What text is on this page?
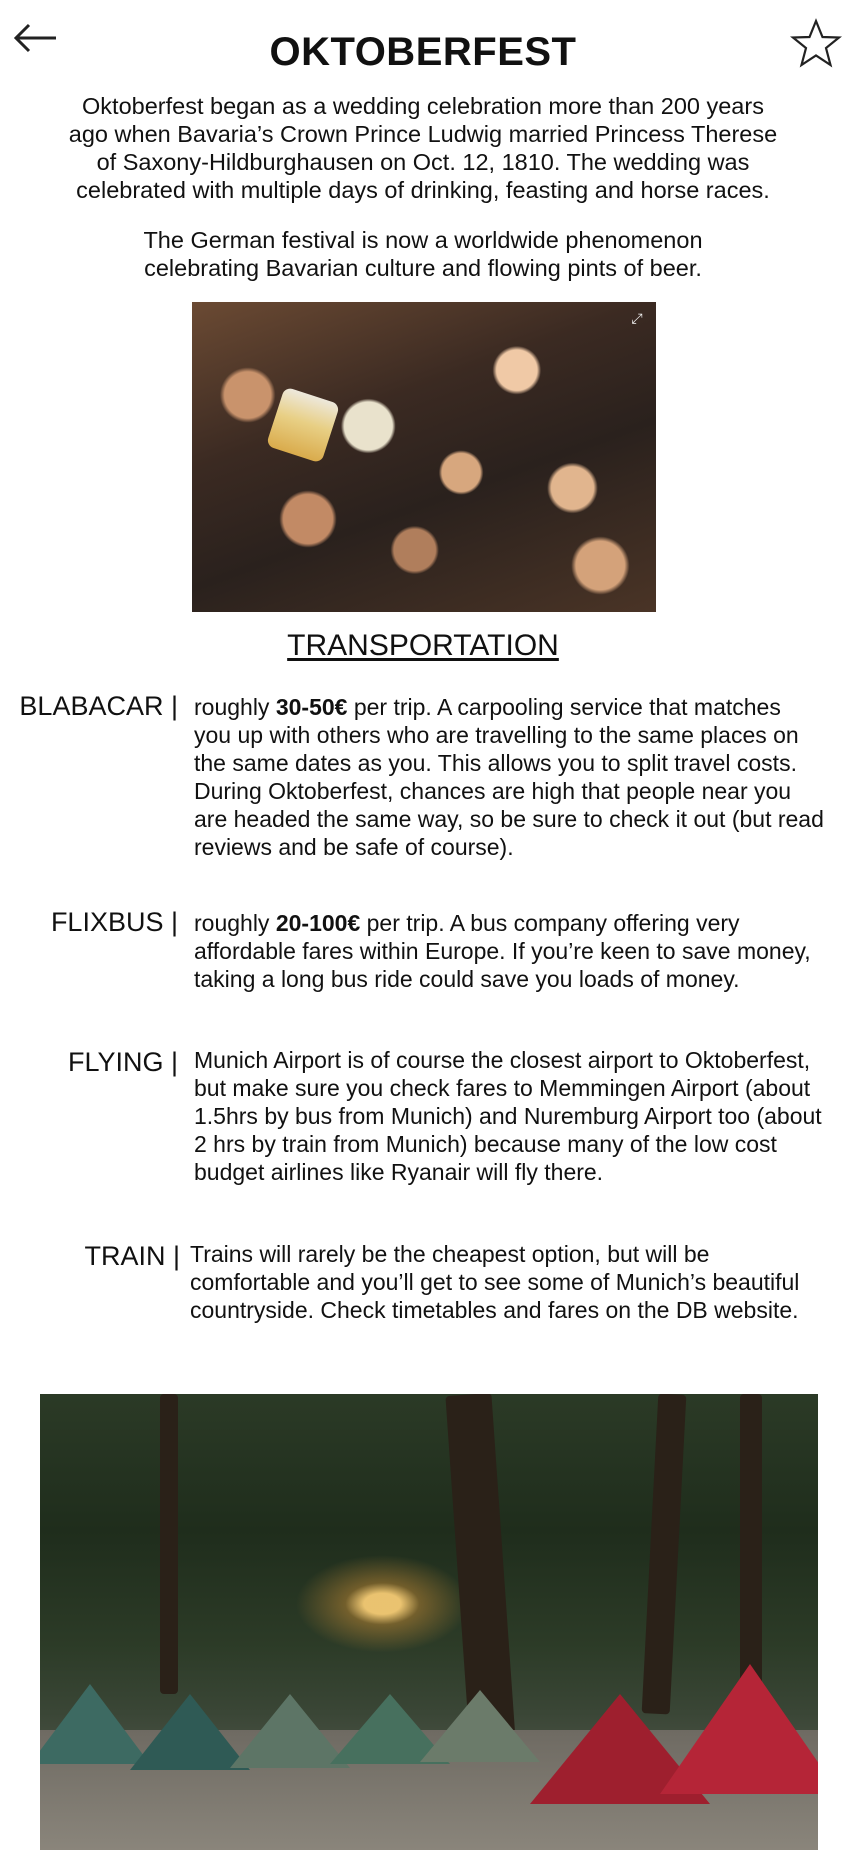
OKTOBERFEST

Oktoberfest began as a wedding celebration more than 200 years ago when Bavaria’s Crown Prince Ludwig married Princess Therese of Saxony-Hildburghausen on Oct. 12, 1810. The wedding was celebrated with multiple days of drinking, feasting and horse races.

The German festival is now a worldwide phenomenon celebrating Bavarian culture and flowing pints of beer.

⤢
TRANSPORTATION
BLABACAR | roughly 30-50€ per trip. A carpooling service that matches you up with others who are travelling to the same places on the same dates as you. This allows you to split travel costs. During Oktoberfest, chances are high that people near you are headed the same way, so be sure to check it out (but read reviews and be safe of course).
FLIXBUS | roughly 20-100€ per trip. A bus company offering very affordable fares within Europe. If you’re keen to save money, taking a long bus ride could save you loads of money.
FLYING | Munich Airport is of course the closest airport to Oktoberfest, but make sure you check fares to Memmingen Airport (about 1.5hrs by bus from Munich) and Nuremburg Airport too (about 2 hrs by train from Munich) because many of the low cost budget airlines like Ryanair will fly there.
TRAIN | Trains will rarely be the cheapest option, but will be comfortable and you’ll get to see some of Munich’s beautiful countryside. Check timetables and fares on the DB website.
